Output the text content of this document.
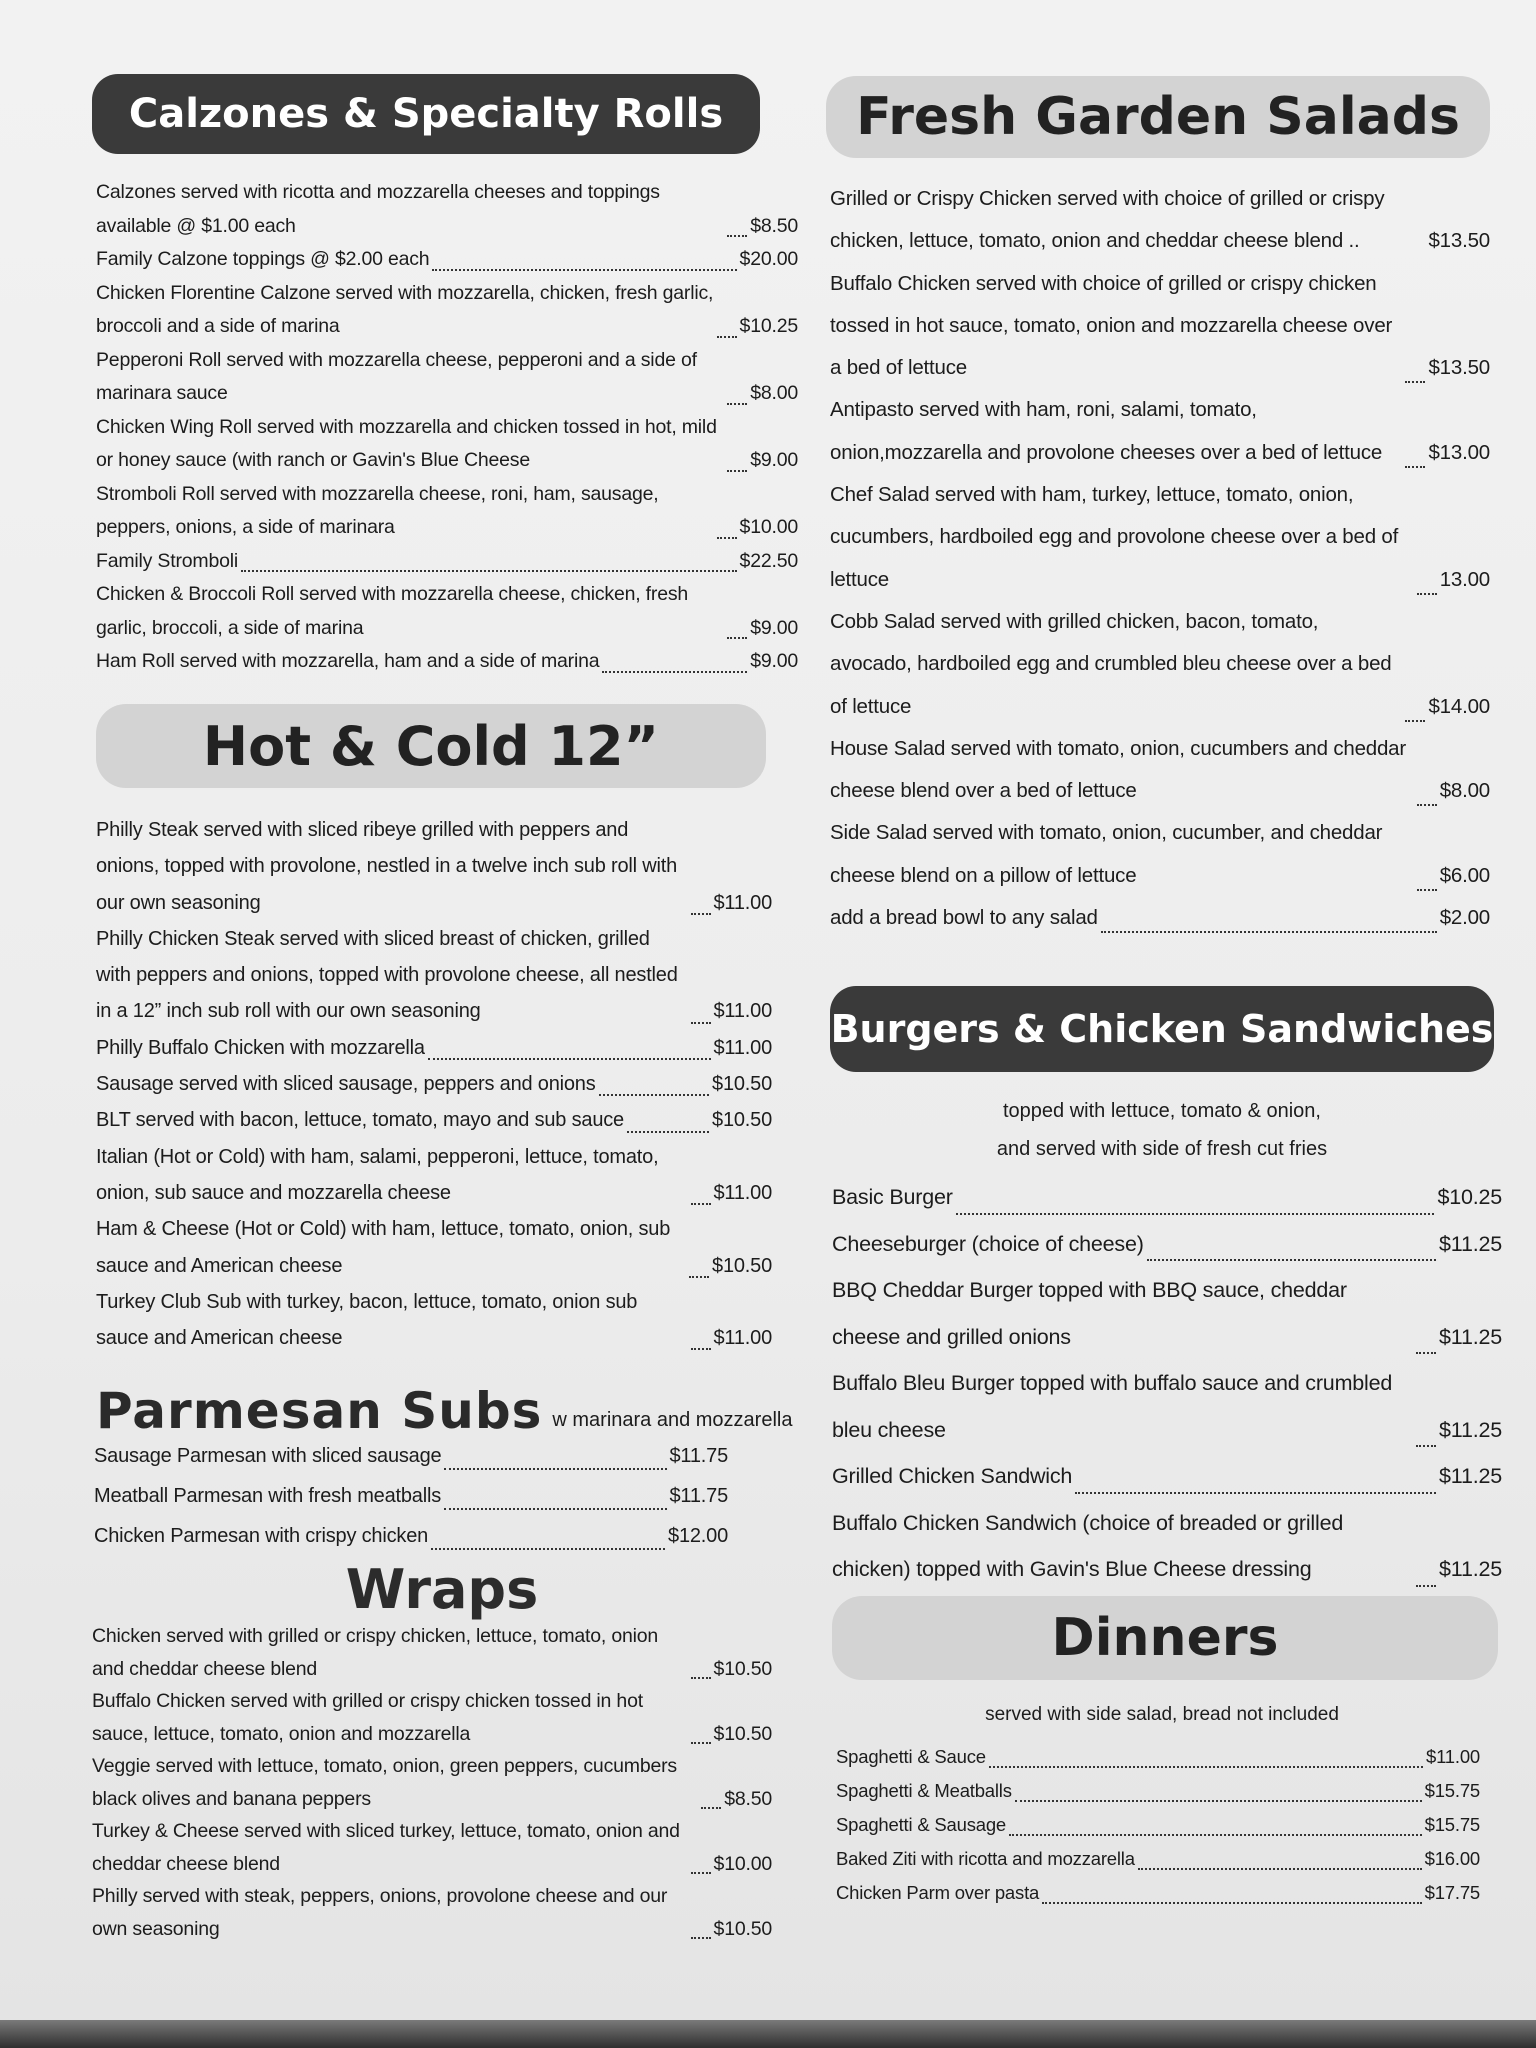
Calzones & Specialty Rolls
Calzones served with ricotta and mozzarella cheeses and toppings available @ $1.00 each	$8.50
Family Calzone toppings @ $2.00 each	$20.00
Chicken Florentine Calzone served with mozzarella, chicken, fresh garlic, broccoli and a side of marina	$10.25
Pepperoni Roll served with mozzarella cheese, pepperoni and a side of marinara sauce	$8.00
Chicken Wing Roll served with mozzarella and chicken tossed in hot, mild or honey sauce (with ranch or Gavin's Blue Cheese	$9.00
Stromboli Roll served with mozzarella cheese, roni, ham, sausage, peppers, onions, a side of marinara	$10.00
Family Stromboli	$22.50
Chicken & Broccoli Roll served with mozzarella cheese, chicken, fresh garlic, broccoli, a side of marina	$9.00
Ham Roll served with mozzarella, ham and a side of marina	$9.00
Hot & Cold 12”
Philly Steak served with sliced ribeye grilled with peppers and onions, topped with provolone, nestled in a twelve inch sub roll with our own seasoning	$11.00
Philly Chicken Steak served with sliced breast of chicken, grilled with peppers and onions, topped with provolone cheese, all nestled in a 12” inch sub roll with our own seasoning	$11.00
Philly Buffalo Chicken with mozzarella	$11.00
Sausage served with sliced sausage, peppers and onions	$10.50
BLT served with bacon, lettuce, tomato, mayo and sub sauce	$10.50
Italian (Hot or Cold) with ham, salami, pepperoni, lettuce, tomato, onion, sub sauce and mozzarella cheese	$11.00
Ham & Cheese (Hot or Cold) with ham, lettuce, tomato, onion, sub sauce and American cheese	$10.50
Turkey Club Sub with turkey, bacon, lettuce, tomato, onion sub sauce and American cheese	$11.00
Parmesan Subs w marinara and mozzarella
Sausage Parmesan with sliced sausage	$11.75
Meatball Parmesan with fresh meatballs	$11.75
Chicken Parmesan with crispy chicken	$12.00
Wraps
Chicken served with grilled or crispy chicken, lettuce, tomato, onion and cheddar cheese blend	$10.50
Buffalo Chicken served with grilled or crispy chicken tossed in hot sauce, lettuce, tomato, onion and mozzarella	$10.50
Veggie served with lettuce, tomato, onion, green peppers, cucumbers black olives and banana peppers	$8.50
Turkey & Cheese served with sliced turkey, lettuce, tomato, onion and cheddar cheese blend	$10.00
Philly served with steak, peppers, onions, provolone cheese and our own seasoning	$10.50
Fresh Garden Salads
Grilled or Crispy Chicken served with choice of grilled or crispy chicken, lettuce, tomato, onion and cheddar cheese blend ..	$13.50
Buffalo Chicken served with choice of grilled or crispy chicken tossed in hot sauce, tomato, onion and mozzarella cheese over a bed of lettuce	$13.50
Antipasto served with ham, roni, salami, tomato, onion,mozzarella and provolone cheeses over a bed of lettuce	$13.00
Chef Salad served with ham, turkey, lettuce, tomato, onion, cucumbers, hardboiled egg and provolone cheese over a bed of lettuce	13.00
Cobb Salad served with grilled chicken, bacon, tomato, avocado, hardboiled egg and crumbled bleu cheese over a bed of lettuce	$14.00
House Salad served with tomato, onion, cucumbers and cheddar cheese blend over a bed of lettuce	$8.00
Side Salad served with tomato, onion, cucumber, and cheddar cheese blend on a pillow of lettuce	$6.00
add a bread bowl to any salad	$2.00
Burgers & Chicken Sandwiches
topped with lettuce, tomato & onion,
and served with side of fresh cut fries
Basic Burger	$10.25
Cheeseburger (choice of cheese)	$11.25
BBQ Cheddar Burger topped with BBQ sauce, cheddar cheese and grilled onions	$11.25
Buffalo Bleu Burger topped with buffalo sauce and crumbled bleu cheese	$11.25
Grilled Chicken Sandwich	$11.25
Buffalo Chicken Sandwich (choice of breaded or grilled chicken) topped with Gavin's Blue Cheese dressing	$11.25
Dinners
served with side salad, bread not included
Spaghetti & Sauce	$11.00
Spaghetti & Meatballs	$15.75
Spaghetti & Sausage	$15.75
Baked Ziti with ricotta and mozzarella	$16.00
Chicken Parm over pasta	$17.75
